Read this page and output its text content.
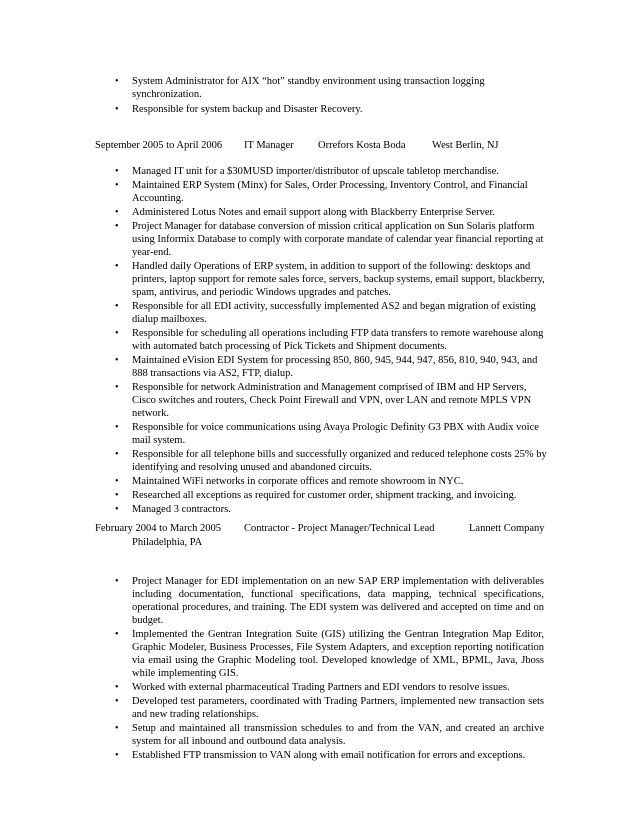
• System Administrator for AIX “hot” standby environment using transaction logging synchronization.
• Responsible for system backup and Disaster Recovery.
September 2005 to April 2006 IT Manager Orrefors Kosta Boda	West Berlin, NJ
• Managed IT unit for a $30MUSD importer/distributor of upscale tabletop merchandise.
• Maintained ERP System (Minx) for Sales, Order Processing, Inventory Control, and Financial Accounting.
• Administered Lotus Notes and email support along with Blackberry Enterprise Server.
• Project Manager for database conversion of mission critical application on Sun Solaris platform using Informix Database to comply with corporate mandate of calendar year financial reporting at year-end.
• Handled daily Operations of ERP system, in addition to support of the following: desktops and printers, laptop support for remote sales force, servers, backup systems, email support, blackberry, spam, antivirus, and periodic Windows upgrades and patches.
• Responsible for all EDI activity, successfully implemented AS2 and began migration of existing dialup mailboxes.
• Responsible for scheduling all operations including FTP data transfers to remote warehouse along with automated batch processing of Pick Tickets and Shipment documents.
• Maintained eVision EDI System for processing 850, 860, 945, 944, 947, 856, 810, 940, 943, and 888 transactions via AS2, FTP, dialup.
• Responsible for network Administration and Management comprised of IBM and HP Servers, Cisco switches and routers, Check Point Firewall and VPN, over LAN and remote MPLS VPN network.
• Responsible for voice communications using Avaya Prologic Definity G3 PBX with Audix voice mail system.
• Responsible for all telephone bills and successfully organized and reduced telephone costs 25% by identifying and resolving unused and abandoned circuits.
• Maintained WiFi networks in corporate offices and remote showroom in NYC.
• Researched all exceptions as required for customer order, shipment tracking, and invoicing.
• Managed 3 contractors.
February 2004 to March 2005 Contractor - Project Manager/Technical Lead	Lannett Company
Philadelphia, PA
• Project Manager for EDI implementation on an new SAP ERP implementation with deliverables including documentation, functional specifications, data mapping, technical specifications, operational procedures, and training. The EDI system was delivered and accepted on time and on budget.
• Implemented the Gentran Integration Suite (GIS) utilizing the Gentran Integration Map Editor, Graphic Modeler, Business Processes, File System Adapters, and exception reporting notification via email using the Graphic Modeling tool. Developed knowledge of XML, BPML, Java, Jboss while implementing GIS.
• Worked with external pharmaceutical Trading Partners and EDI vendors to resolve issues.
• Developed test parameters, coordinated with Trading Partners, implemented new transaction sets and new trading relationships.
• Setup and maintained all transmission schedules to and from the VAN, and created an archive system for all inbound and outbound data analysis.
• Established FTP transmission to VAN along with email notification for errors and exceptions.
